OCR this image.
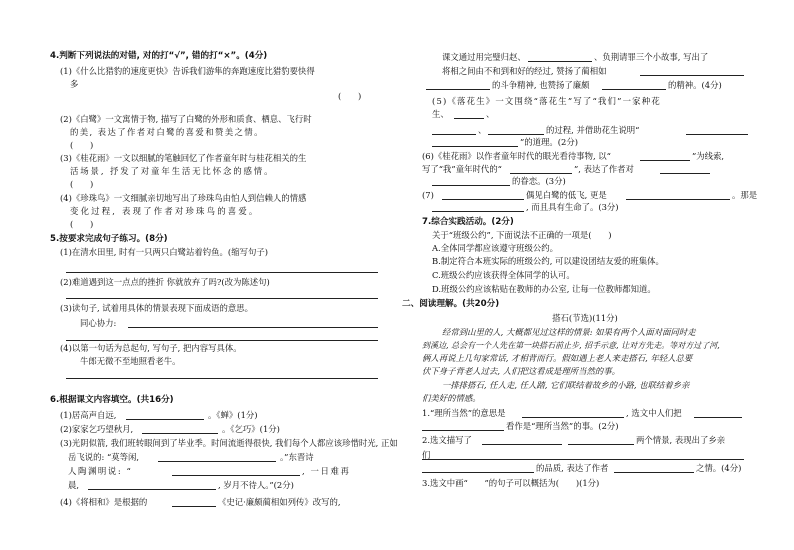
4.判断下列说法的对错, 对的打“√”, 错的打“×”。(4分)
(1)《什么比猎豹的速度更快》告诉我们游隼的奔跑速度比猎豹要快得
多
(　　)
(2)《白鹭》一文寓情于物, 描写了白鹭的外形和质食、栖息、飞行时
的美, 表达了作者对白鹭的喜爱和赞美之情。
(　　)
(3)《桂花雨》一文以细腻的笔触回忆了作者童年时与桂花相关的生
活场景, 抒发了对童年生活无比怀念的感情。
(　　)
(4)《珍珠鸟》一文细腻亲切地写出了珍珠鸟由怕人到信赖人的情感
变化过程, 表现了作者对珍珠鸟的喜爱。
(　　)
5.按要求完成句子练习。(8分)
(1)在清水田里, 时有一只两只白鹭站着钓鱼。(缩写句子)
(2)难道遇到这一点点的挫折 你就放弃了吗?(改为陈述句)
(3)读句子, 试着用具体的情景表现下面成语的意思。
同心协力:
(4)以第一句话为总起句, 写句子, 把内容写具体。
牛郎无微不至地照看老牛。
6.根据课文内容填空。(共16分)
(1)居高声自远,	。《蝉》(1分)
(2)家家乞巧望秋月,	。《乞巧》(1分)
(3)光阴似箭, 我们班转眼间到了毕业季。时间流逝得很快, 我们每个人都应该珍惜时光, 正如
岳飞说的: “莫等闲,	。”东晋诗
人陶渊明说: “	, 一日难再
晨,	, 岁月不待人。”(2分)
(4)《将相和》是根据的	《史记·廉颇蔺相如列传》改写的,
课文通过用完璧归赵、	、负荆请罪三个小故事, 写出了
将相之间由不和到和好的经过, 赞扬了蔺相如
的斗争精神, 也赞扬了廉颇	的精神。(4分)
(5)《落花生》一文围绕“落花生”写了“我们”一家种花
生、	、
、	的过程, 并借助花生说明“
”的道理。(2分)
(6)《桂花雨》以作者童年时代的眼光看待事物, 以“	”为线索,
写了“我”童年时代的“	”, 表达了作者对
的眷恋。(3分)
(7)	偶见白鹭的低飞, 更是	。那是
, 而且具有生命了。(3分)
7.综合实践活动。(2分)
关于“班级公约”, 下面说法不正确的一项是(　　)
A.全体同学都应该遵守班级公约。
B.制定符合本班实际的班级公约, 可以建设团结友爱的班集体。
C.班级公约应该获得全体同学的认可。
D.班级公约应该粘贴在教师的办公室, 让每一位教师都知道。
二、阅读理解。(共20分)
搭石(节选)(11分)
经常到山里的人, 大概都见过这样的情景: 如果有两个人面对面同时走
到溪边, 总会有一个人先在第一块搭石前止步, 招手示意, 让对方先走。等对方过了河,
俩人再说上几句家常话, 才相背而行。假如遇上老人来走搭石, 年轻人总要
伏下身子背老人过去, 人们把这看成是理所当然的事。
一排排搭石, 任人走, 任人踏, 它们联结着故乡的小路, 也联结着乡亲
们美好的情感。
1.“理所当然”的意思是	, 选文中人们把
看作是“理所当然”的事。(2分)
2.选文描写了	两个情景, 表现出了乡亲
们
的品质, 表达了作者	之情。(4分)
3.选文中画“　　”的句子可以概括为(　　)(1分)
